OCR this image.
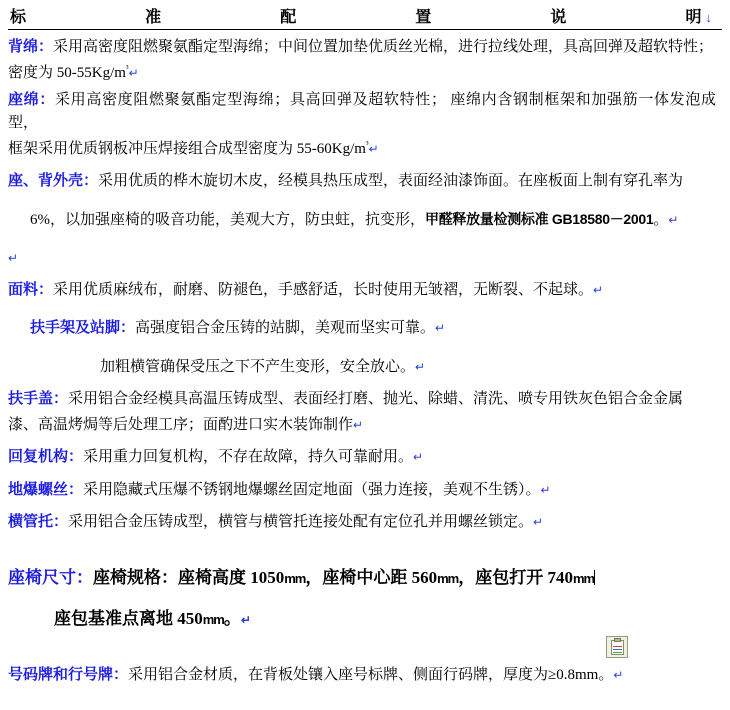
标	准	配	置	说	明 ↓

背绵：采用高密度阻燃聚氨酯定型海绵；中间位置加垫优质丝光棉，进行拉线处理，具高回弹及超软特性；

密度为 $50-55Kg/m^{^3}↵$

座绵：采用高密度阻燃聚氨酯定型海绵；具高回弹及超软特性； 座绵内含钢制框架和加强筋一体发泡成型，

框架采用优质钢板冲压焊接组合成型密度为 $55-60Kg/m^{^3}↵$

座、背外壳：采用优质的桦木旋切木皮，经模具热压成型，表面经油漆饰面。在座板面上制有穿孔率为

6%，以加强座椅的吸音功能，美观大方，防虫蛀，抗变形，甲醛释放量检测标准 GB18580－2001。↵

↵

面料：采用优质麻绒布，耐磨、防褪色，手感舒适，长时使用无皱褶，无断裂、不起球。↵

扶手架及站脚：高强度铝合金压铸的站脚，美观而坚实可靠。↵

加粗横管确保受压之下不产生变形，安全放心。↵

扶手盖：采用铝合金经模具高温压铸成型、表面经打磨、抛光、除蜡、清洗、喷专用铁灰色铝合金金属

漆、高温烤焗等后处理工序；面酌进口实木装饰制作↵

回复机构：采用重力回复机构，不存在故障，持久可靠耐用。↵

地爆螺丝：采用隐藏式压爆不锈钢地爆螺丝固定地面（强力连接，美观不生锈）。↵

横管托：采用铝合金压铸成型，横管与横管托连接处配有定位孔并用螺丝锁定。↵

座椅尺寸：座椅规格：座椅高度 1050mm，座椅中心距 560mm，座包打开 740mm

座包基准点离地 450mm。↵

号码牌和行号牌：采用铝合金材质，在背板处镶入座号标牌、侧面行码牌，厚度为≥0.8mm。↵
